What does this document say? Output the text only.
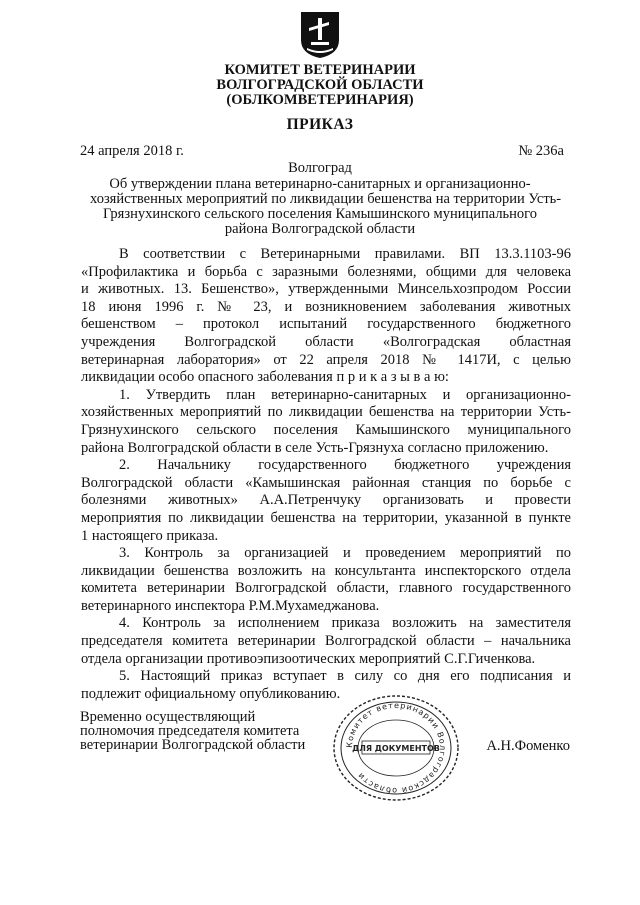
КОМИТЕТ ВЕТЕРИНАРИИ
ВОЛГОГРАДСКОЙ ОБЛАСТИ
(ОБЛКОМВЕТЕРИНАРИЯ)
ПРИКАЗ
24 апреля 2018 г.	№ 236а
Волгоград
Об утверждении плана ветеринарно-санитарных и организационно-
хозяйственных мероприятий по ликвидации бешенства на территории Усть-
Грязнухинского сельского поселения Камышинского муниципального
района Волгоградской области
В соответствии с Ветеринарными правилами. ВП 13.3.1103-96
«Профилактика и борьба с заразными болезнями, общими для человека
и животных. 13. Бешенство», утвержденными Минсельхозпродом России
18 июня 1996 г. № 23, и возникновением заболевания животных
бешенством – протокол испытаний государственного бюджетного
учреждения Волгоградской области «Волгоградская областная
ветеринарная лаборатория» от 22 апреля 2018 № 1417И, с целью
ликвидации особо опасного заболевания п р и к а з ы в а ю:
1. Утвердить план ветеринарно-санитарных и организационно-
хозяйственных мероприятий по ликвидации бешенства на территории Усть-
Грязнухинского сельского поселения Камышинского муниципального
района Волгоградской области в селе Усть-Грязнуха согласно приложению.
2. Начальнику государственного бюджетного учреждения
Волгоградской области «Камышинская районная станция по борьбе с
болезнями животных» А.А.Петренчуку организовать и провести
мероприятия по ликвидации бешенства на территории, указанной в пункте
1 настоящего приказа.
3. Контроль за организацией и проведением мероприятий по
ликвидации бешенства возложить на консультанта инспекторского отдела
комитета ветеринарии Волгоградской области, главного государственного
ветеринарного инспектора Р.М.Мухамеджанова.
4. Контроль за исполнением приказа возложить на заместителя
председателя комитета ветеринарии Волгоградской области – начальника
отдела организации противоэпизоотических мероприятий С.Г.Гиченкова.
5. Настоящий приказ вступает в силу со дня его подписания и
подлежит официальному опубликованию.
Временно осуществляющий
полномочия председателя комитета
ветеринарии Волгоградской области	А.Н.Фоменко
Комитет ветеринарии Волгоградской области
ДЛЯ ДОКУМЕНТОВ
